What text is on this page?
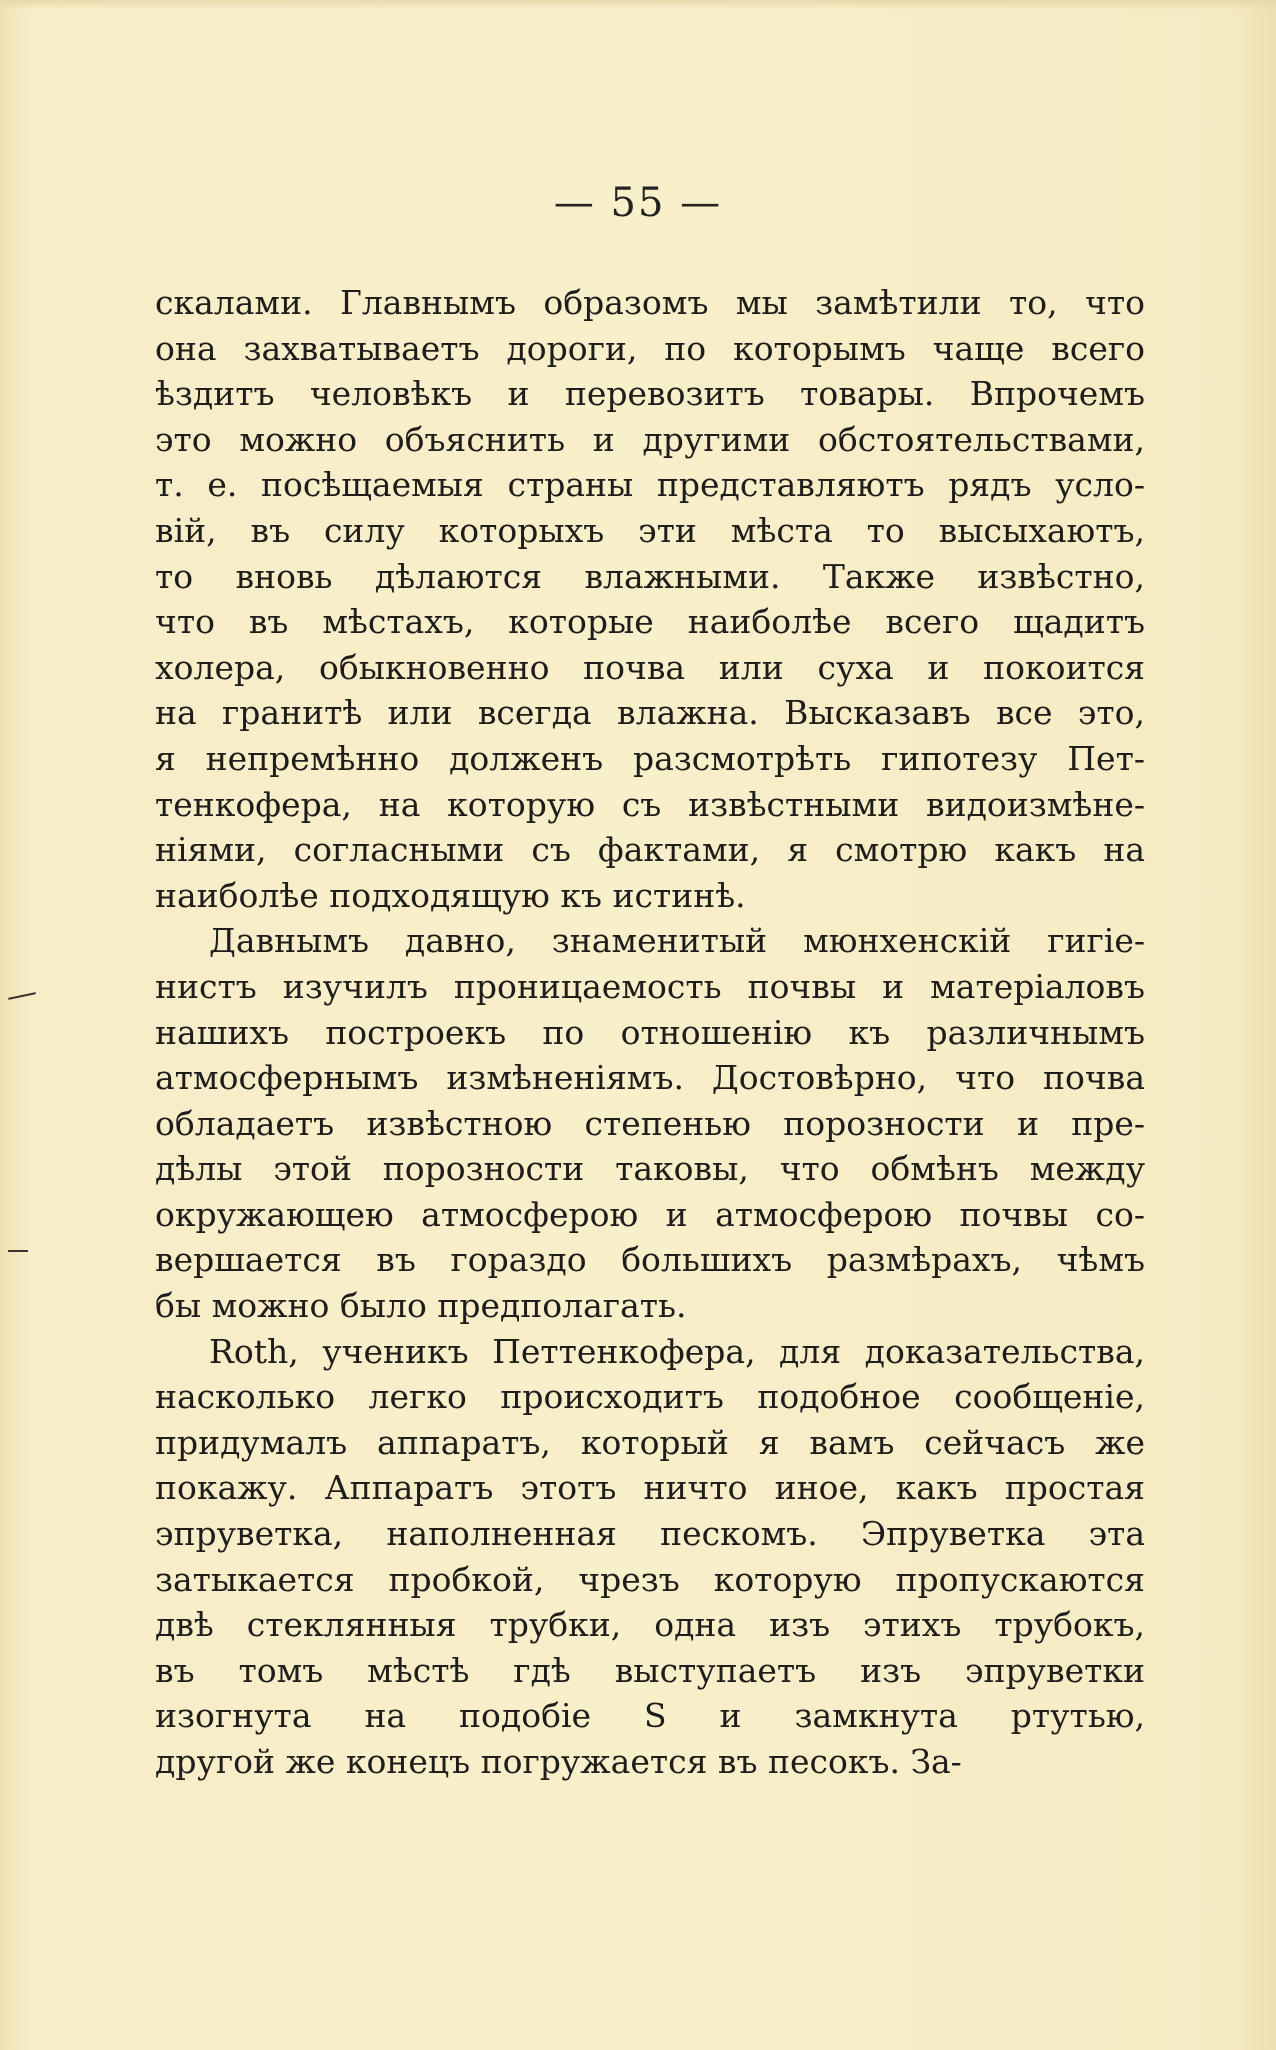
— 55 —
скалами. Главнымъ образомъ мы замѣтили то, что
она захватываетъ дороги, по которымъ чаще всего
ѣздитъ человѣкъ и перевозитъ товары. Впрочемъ
это можно объяснить и другими обстоятельствами,
т. е. посѣщаемыя страны представляютъ рядъ усло-
вій, въ силу которыхъ эти мѣста то высыхаютъ,
то вновь дѣлаются влажными. Также извѣстно,
что въ мѣстахъ, которые наиболѣе всего щадитъ
холера, обыкновенно почва или суха и покоится
на гранитѣ или всегда влажна. Высказавъ все это,
я непремѣнно долженъ разсмотрѣть гипотезу Пет-
тенкофера, на которую съ извѣстными видоизмѣне-
ніями, согласными съ фактами, я смотрю какъ на
наиболѣе подходящую къ истинѣ.
Давнымъ давно, знаменитый мюнхенскій гигіе-
нистъ изучилъ проницаемость почвы и матеріаловъ
нашихъ построекъ по отношенію къ различнымъ
атмосфернымъ измѣненіямъ. Достовѣрно, что почва
обладаетъ извѣстною степенью порозности и пре-
дѣлы этой порозности таковы, что обмѣнъ между
окружающею атмосферою и атмосферою почвы со-
вершается въ гораздо большихъ размѣрахъ, чѣмъ
бы можно было предполагать.
Roth, ученикъ Петтенкофера, для доказательства,
насколько легко происходитъ подобное сообщеніе,
придумалъ аппаратъ, который я вамъ сейчасъ же
покажу. Аппаратъ этотъ ничто иное, какъ простая
эпруветка, наполненная пескомъ. Эпруветка эта
затыкается пробкой, чрезъ которую пропускаются
двѣ стеклянныя трубки, одна изъ этихъ трубокъ,
въ томъ мѣстѣ гдѣ выступаетъ изъ эпруветки
изогнута на подобіе S и замкнута ртутью,
другой же конецъ погружается въ песокъ. За-
